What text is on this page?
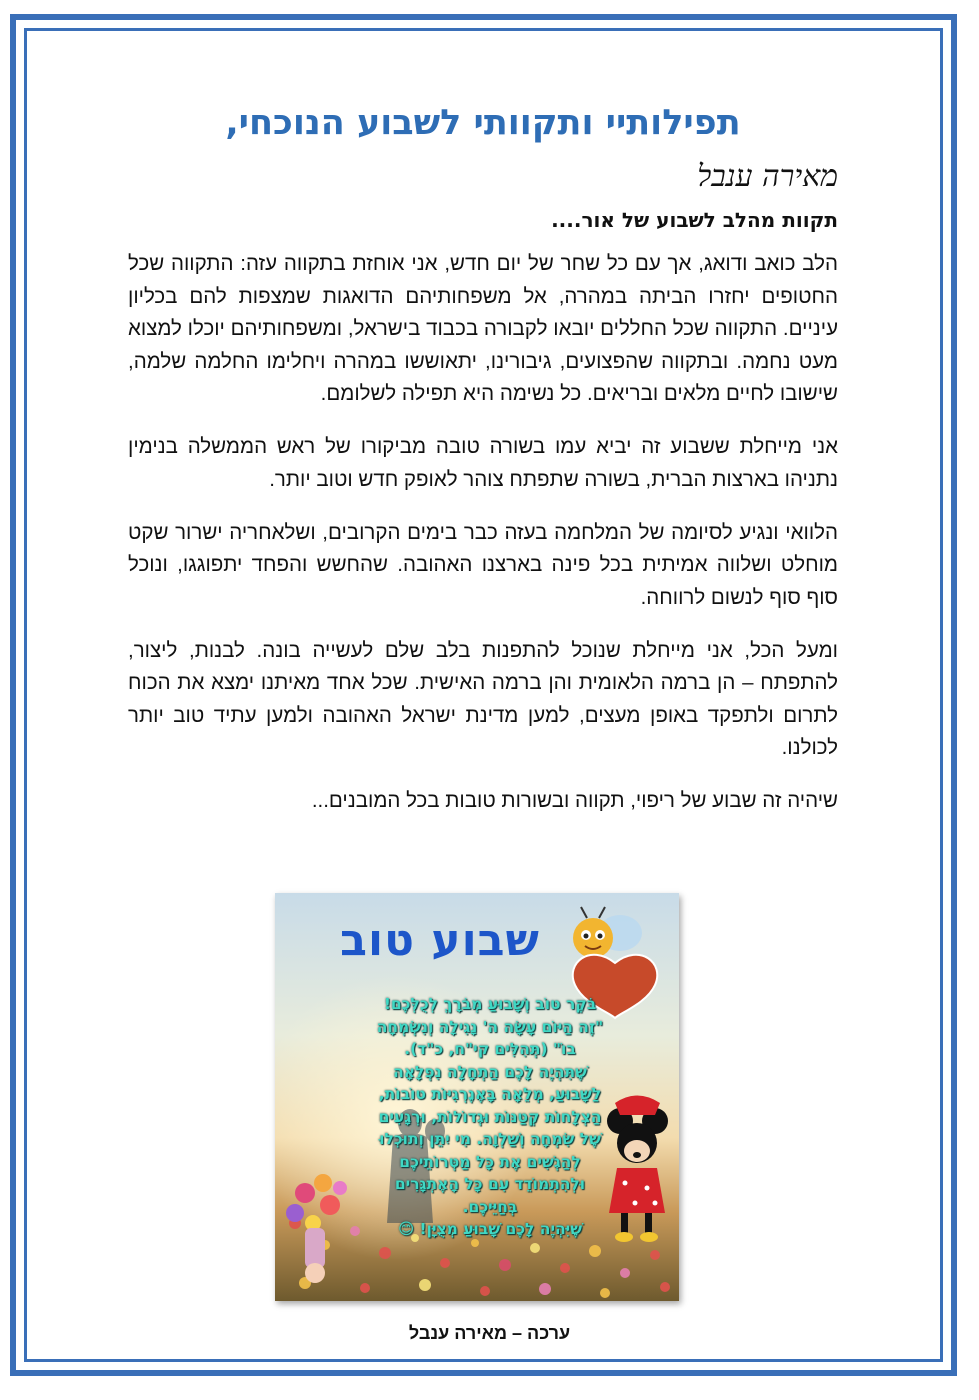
תפילותיי ותקוותי לשבוע הנוכחי,
מאירה ענבל
תקוות מהלב לשבוע של אור....

הלב כואב ודואג, אך עם כל שחר של יום חדש, אני אוחזת בתקווה עזה: התקווה שכל החטופים יחזרו הביתה במהרה, אל משפחותיהם הדואגות שמצפות להם בכליון עיניים. התקווה שכל החללים יובאו לקבורה בכבוד בישראל, ומשפחותיהם יוכלו למצוא מעט נחמה. ובתקווה שהפצועים, גיבורינו, יתאוששו במהרה ויחלימו החלמה שלמה, שישובו לחיים מלאים ובריאים. כל נשימה היא תפילה לשלומם.

אני מייחלת ששבוע זה יביא עמו בשורה טובה מביקורו של ראש הממשלה בנימין נתניהו בארצות הברית, בשורה שתפתח צוהר לאופק חדש וטוב יותר.

הלוואי ונגיע לסיומה של המלחמה בעזה כבר בימים הקרובים, ושלאחריה ישרור שקט מוחלט ושלווה אמיתית בכל פינה בארצנו האהובה. שהחשש והפחד יתפוגגו, ונוכל סוף סוף לנשום לרווחה.

ומעל הכל, אני מייחלת שנוכל להתפנות בלב שלם לעשייה בונה. לבנות, ליצור, להתפתח – הן ברמה הלאומית והן ברמה האישית. שכל אחד מאיתנו ימצא את הכוח לתרום ולתפקד באופן מעצים, למען מדינת ישראל האהובה ולמען עתיד טוב יותר לכולנו.

שיהיה זה שבוע של ריפוי, תקווה ובשורות טובות בכל המובנים...

שבוע טוב
בֹּקֶר טוֹב וְשָׁבוּעַ מְבֹרָךְ לְכֻלְּכֶם!
"זֶה הַיּוֹם עָשָׂה ה' נָגִילָה וְנִשְׂמְחָה
בוֹ" (תְּהִלִּים קי"ח, כ"ד).
שֶׁתִּהְיֶה לָכֶם הַתְחָלָה נִפְלָאָה
לַשָּׁבוּעַ, מְלֵאָה בָּאֶנֶרְגִיּוֹת טוֹבוֹת,
הַצְלָחוֹת קְטַנּוֹת וּגְדוֹלוֹת, וּרְגָעִים
שֶׁל שִׂמְחָה וְשַׁלְוָה. מִי יִתֵּן וְתוּכְלוּ
לְהַגְשִׁים אֶת כָּל מַטְּרוֹתֵיכֶם
וּלְהִתְמוֹדֵד עִם כָּל הָאֶתְגָּרִים
בְּחַיֵּיכֶם.
שֶׁיִּהְיֶה לָכֶם שָׁבוּעַ מְצֻיָּן! 😊
ערכה – מאירה ענבל
